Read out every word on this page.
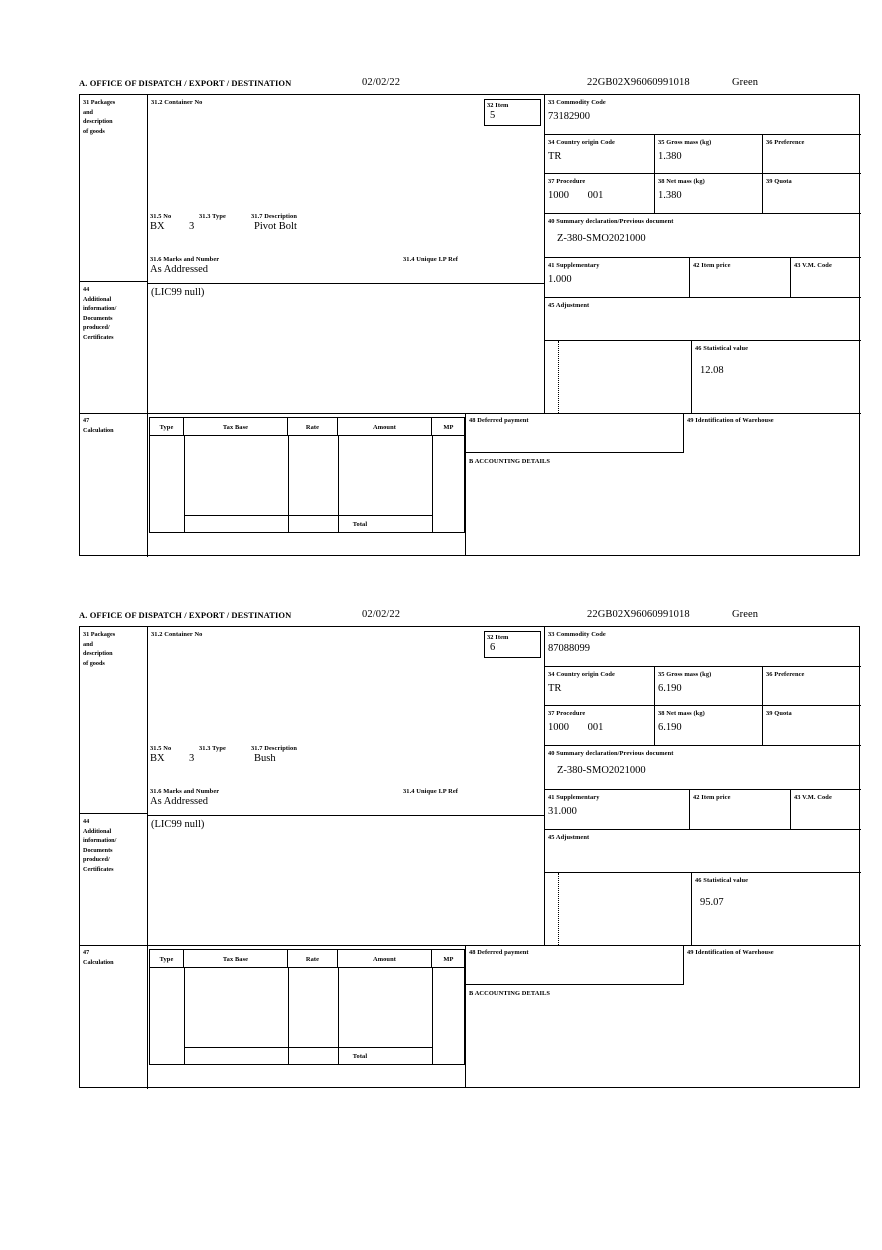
A. OFFICE OF DISPATCH / EXPORT / DESTINATION	02/02/22	22GB02X96060991018	Green
31 Packages
and
description
of goods
31.2 Container No
31.5 No	31.3 Type	31.7 Description
BX 3	Pivot Bolt
31.6 Marks and Number	31.4 Unique I.P Ref
As Addressed
32 Item
5
33 Commodity Code
73182900
34 Country origin Code
TR
35 Gross mass (kg)
1.380
36 Preference
37 Procedure
1000 001
38 Net mass (kg)
1.380
39 Quota
40 Summary declaration/Previous document
Z-380-SMO2021000
41 Supplementary
1.000
42 Item price	43 V.M. Code
45 Adjustment
46 Statistical value
12.08
44
Additional
information/
Documents
produced/
Certificates
(LIC99 null)
47
Calculation	Type	Tax Base	Rate	Amount	MP
Total
48 Deferred payment	49 Identification of Warehouse
B ACCOUNTING DETAILS
A. OFFICE OF DISPATCH / EXPORT / DESTINATION	02/02/22	22GB02X96060991018	Green
31 Packages
and
description
of goods
31.2 Container No
31.5 No	31.3 Type	31.7 Description
BX 3	Bush
31.6 Marks and Number	31.4 Unique I.P Ref
As Addressed
32 Item
6
33 Commodity Code
87088099
34 Country origin Code
TR
35 Gross mass (kg)
6.190
36 Preference
37 Procedure
1000 001
38 Net mass (kg)
6.190
39 Quota
40 Summary declaration/Previous document
Z-380-SMO2021000
41 Supplementary
31.000
42 Item price	43 V.M. Code
45 Adjustment
46 Statistical value
95.07
44
Additional
information/
Documents
produced/
Certificates
(LIC99 null)
47
Calculation	Type	Tax Base	Rate	Amount	MP
Total
48 Deferred payment	49 Identification of Warehouse
B ACCOUNTING DETAILS
